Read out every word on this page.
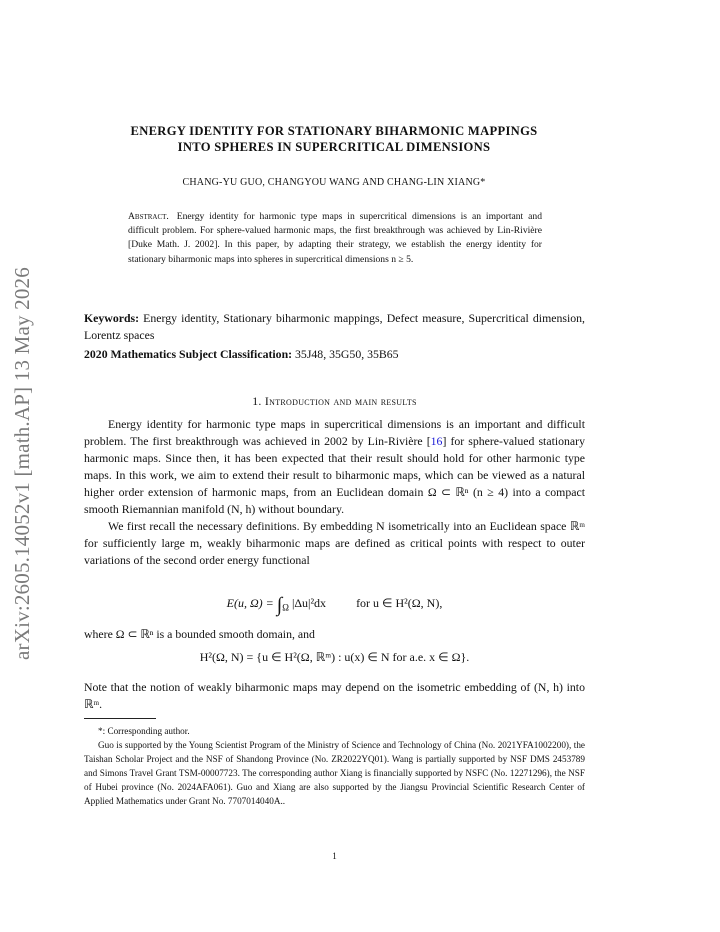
arXiv:2605.14052v1 [math.AP] 13 May 2026
ENERGY IDENTITY FOR STATIONARY BIHARMONIC MAPPINGS
INTO SPHERES IN SUPERCRITICAL DIMENSIONS
CHANG-YU GUO, CHANGYOU WANG AND CHANG-LIN XIANG*
Abstract. Energy identity for harmonic type maps in supercritical dimensions is an important and difficult problem. For sphere-valued harmonic maps, the first breakthrough was achieved by Lin-Rivière [Duke Math. J. 2002]. In this paper, by adapting their strategy, we establish the energy identity for stationary biharmonic maps into spheres in supercritical dimensions n ≥ 5.
Keywords: Energy identity, Stationary biharmonic mappings, Defect measure, Supercritical dimension, Lorentz spaces
2020 Mathematics Subject Classification: 35J48, 35G50, 35B65
1. Introduction and main results
Energy identity for harmonic type maps in supercritical dimensions is an important and difficult problem. The first breakthrough was achieved in 2002 by Lin-Rivière [16] for sphere-valued stationary harmonic maps. Since then, it has been expected that their result should hold for other harmonic type maps. In this work, we aim to extend their result to biharmonic maps, which can be viewed as a natural higher order extension of harmonic maps, from an Euclidean domain Ω ⊂ ℝⁿ (n ≥ 4) into a compact smooth Riemannian manifold (N, h) without boundary.
We first recall the necessary definitions. By embedding N isometrically into an Euclidean space ℝᵐ for sufficiently large m, weakly biharmonic maps are defined as critical points with respect to outer variations of the second order energy functional
E(u, $\Omega) = \int_\Omega$ |Δu|²dx	for u ∈ H²(Ω, N),
where Ω ⊂ ℝⁿ is a bounded smooth domain, and
H²(Ω, N) = {u ∈ H²(Ω, ℝᵐ) : u(x) ∈ N for a.e. x ∈ Ω}.
Note that the notion of weakly biharmonic maps may depend on the isometric embedding of (N, h) into ℝᵐ.
*: Corresponding author.
Guo is supported by the Young Scientist Program of the Ministry of Science and Technology of China (No. 2021YFA1002200), the Taishan Scholar Project and the NSF of Shandong Province (No. ZR2022YQ01). Wang is partially supported by NSF DMS 2453789 and Simons Travel Grant TSM-00007723. The corresponding author Xiang is financially supported by NSFC (No. 12271296), the NSF of Hubei province (No. 2024AFA061). Guo and Xiang are also supported by the Jiangsu Provincial Scientific Research Center of Applied Mathematics under Grant No. 7707014040A..
1
